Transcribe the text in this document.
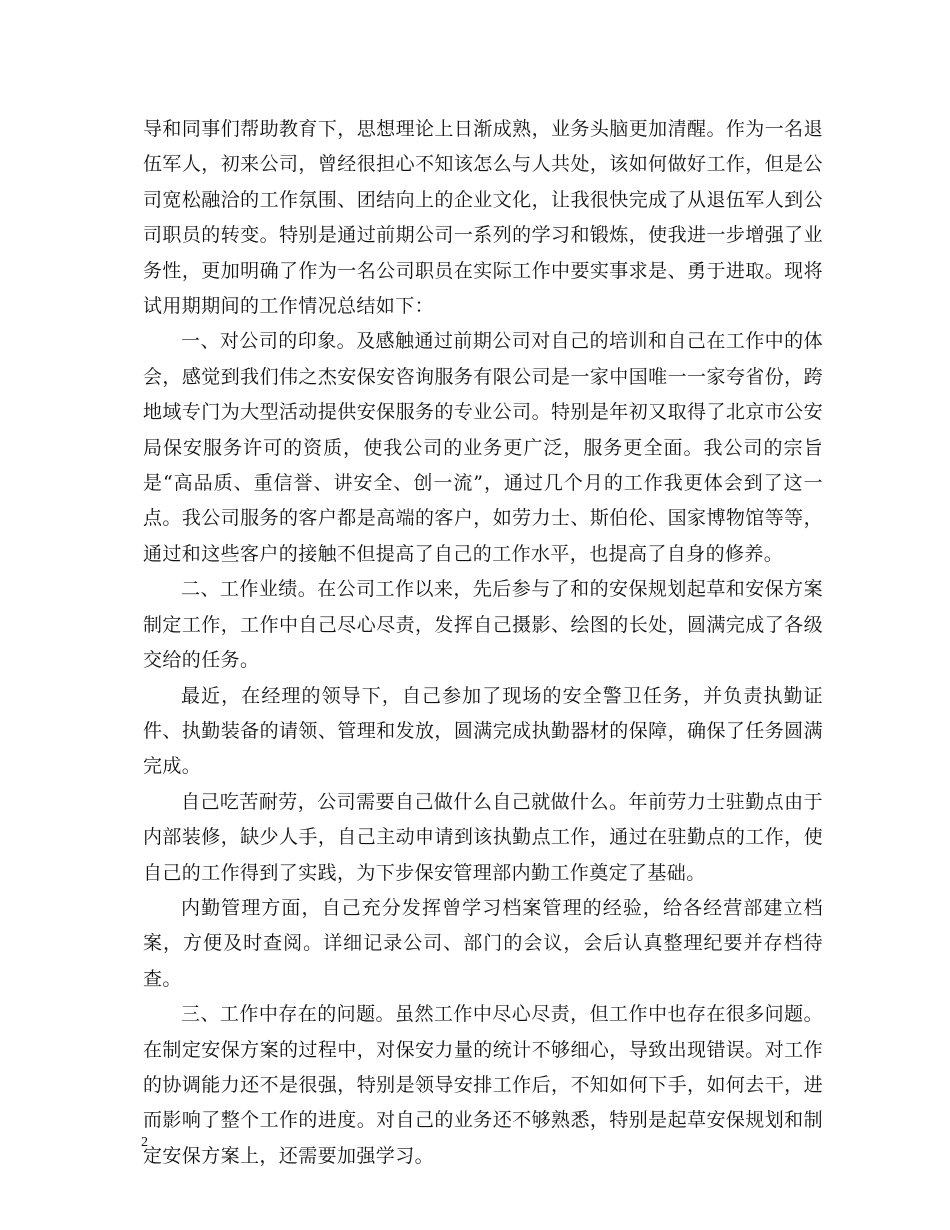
导和同事们帮助教育下，思想理论上日渐成熟，业务头脑更加清醒。作为一名退伍军人，初来公司，曾经很担心不知该怎么与人共处，该如何做好工作，但是公司宽松融洽的工作氛围、团结向上的企业文化，让我很快完成了从退伍军人到公司职员的转变。特别是通过前期公司一系列的学习和锻炼，使我进一步增强了业务性，更加明确了作为一名公司职员在实际工作中要实事求是、勇于进取。现将试用期期间的工作情况总结如下：

一、对公司的印象。及感触通过前期公司对自己的培训和自己在工作中的体会，感觉到我们伟之杰安保安咨询服务有限公司是一家中国唯一一家夸省份，跨地域专门为大型活动提供安保服务的专业公司。特别是年初又取得了北京市公安局保安服务许可的资质，使我公司的业务更广泛，服务更全面。我公司的宗旨是“高品质、重信誉、讲安全、创一流”，通过几个月的工作我更体会到了这一点。我公司服务的客户都是高端的客户，如劳力士、斯伯伦、国家博物馆等等，通过和这些客户的接触不但提高了自己的工作水平，也提高了自身的修养。

二、工作业绩。在公司工作以来，先后参与了和的安保规划起草和安保方案制定工作，工作中自己尽心尽责，发挥自己摄影、绘图的长处，圆满完成了各级交给的任务。

最近，在经理的领导下，自己参加了现场的安全警卫任务，并负责执勤证件、执勤装备的请领、管理和发放，圆满完成执勤器材的保障，确保了任务圆满完成。

自己吃苦耐劳，公司需要自己做什么自己就做什么。年前劳力士驻勤点由于内部装修，缺少人手，自己主动申请到该执勤点工作，通过在驻勤点的工作，使自己的工作得到了实践，为下步保安管理部内勤工作奠定了基础。

内勤管理方面，自己充分发挥曾学习档案管理的经验，给各经营部建立档案，方便及时查阅。详细记录公司、部门的会议，会后认真整理纪要并存档待查。

三、工作中存在的问题。虽然工作中尽心尽责，但工作中也存在很多问题。在制定安保方案的过程中，对保安力量的统计不够细心，导致出现错误。对工作的协调能力还不是很强，特别是领导安排工作后，不知如何下手，如何去干，进而影响了整个工作的进度。对自己的业务还不够熟悉，特别是起草安保规划和制定安保方案上，还需要加强学习。

2
